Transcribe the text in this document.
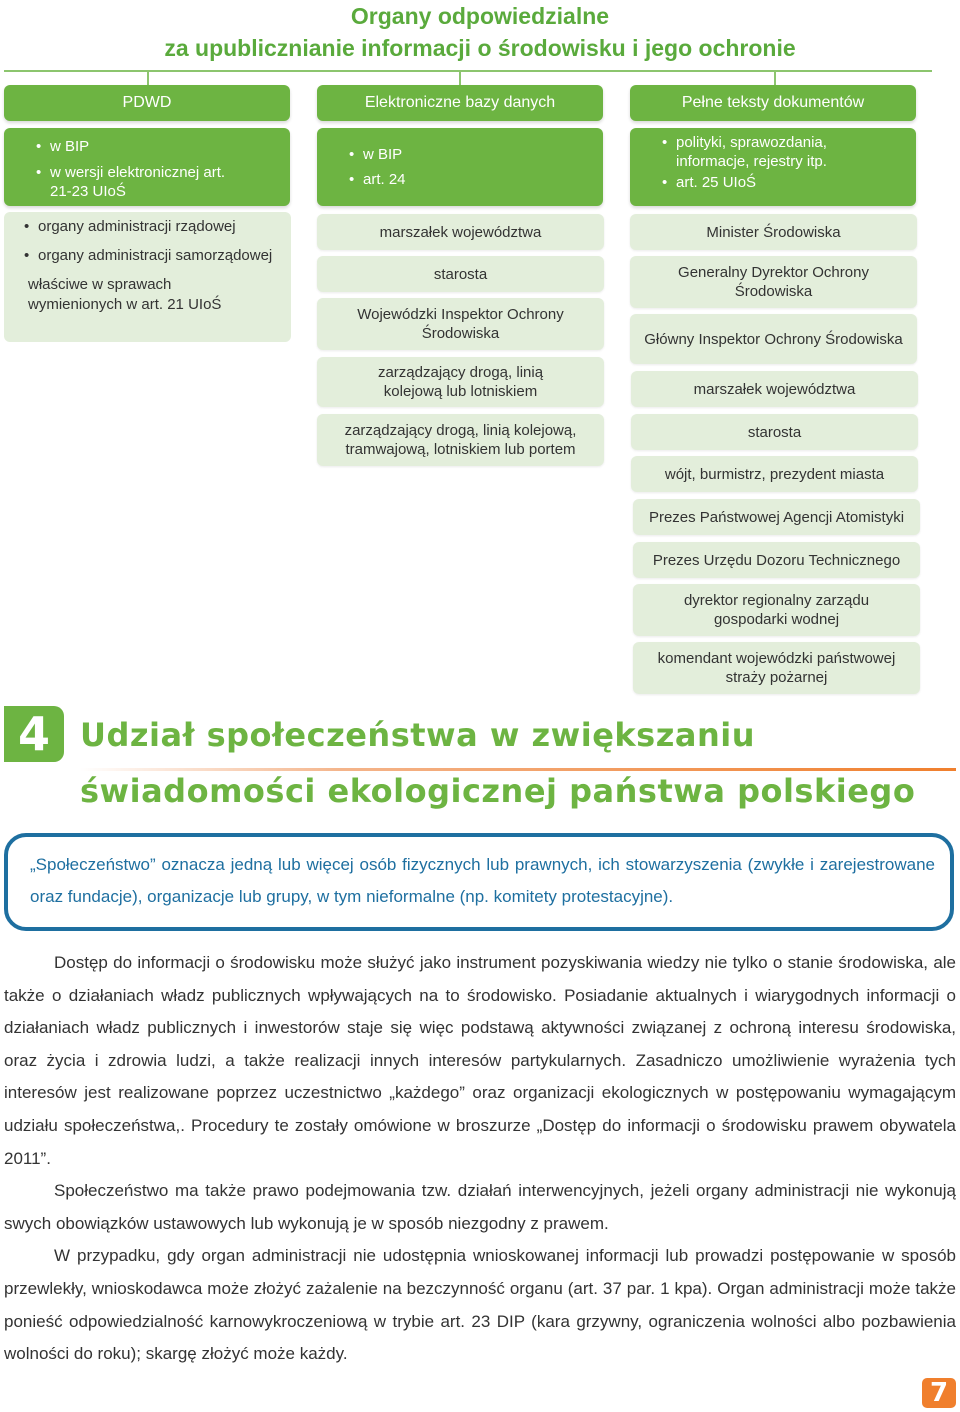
Organy odpowiedzialne
za upublicznianie informacji o środowisku i jego ochronie
PDWD	Elektroniczne bazy danych	Pełne teksty dokumentów
• w BIP
• w wersji elektronicznej art. 21-23 UIoŚ
• w BIP
• art. 24
• polityki, sprawozdania, informacje, rejestry itp.
• art. 25 UIoŚ
• organy administracji rządowej
• organy administracji samorządowej
właściwe w sprawach wymienionych w art. 21 UIoŚ
marszałek województwa
starosta
Wojewódzki Inspektor Ochrony Środowiska
zarządzający drogą, linią kolejową lub lotniskiem
zarządzający drogą, linią kolejową, tramwajową, lotniskiem lub portem
Minister Środowiska
Generalny Dyrektor Ochrony Środowiska
Główny Inspektor Ochrony Środowiska
marszałek województwa
starosta
wójt, burmistrz, prezydent miasta
Prezes Państwowej Agencji Atomistyki
Prezes Urzędu Dozoru Technicznego
dyrektor regionalny zarządu gospodarki wodnej
komendant wojewódzki państwowej straży pożarnej
4 Udział społeczeństwa w zwiększaniu
świadomości ekologicznej państwa polskiego
„Społeczeństwo” oznacza jedną lub więcej osób fizycznych lub prawnych, ich stowarzyszenia (zwykłe i zarejestrowane oraz fundacje), organizacje lub grupy, w tym nieformalne (np. komitety protestacyjne).

Dostęp do informacji o środowisku może służyć jako instrument pozyskiwania wiedzy nie tylko o stanie środowiska, ale także o działaniach władz publicznych wpływających na to środowisko. Posiadanie aktualnych i wiarygodnych informacji o działaniach władz publicznych i inwestorów staje się więc podstawą aktywności związanej z ochroną interesu środowiska, oraz życia i zdrowia ludzi, a także realizacji innych interesów partykularnych. Zasadniczo umożliwienie wyrażenia tych interesów jest realizowane poprzez uczestnictwo „każdego” oraz organizacji ekologicznych w postępowaniu wymagającym udziału społeczeństwa,. Procedury te zostały omówione w broszurze „Dostęp do informacji o środowisku prawem obywatela 2011”.

Społeczeństwo ma także prawo podejmowania tzw. działań interwencyjnych, jeżeli organy administracji nie wykonują swych obowiązków ustawowych lub wykonują je w sposób niezgodny z prawem.

W przypadku, gdy organ administracji nie udostępnia wnioskowanej informacji lub prowadzi postępowanie w sposób przewlekły, wnioskodawca może złożyć zażalenie na bezczynność organu (art. 37 par. 1 kpa). Organ administracji może także ponieść odpowiedzialność karnowykroczeniową w trybie art. 23 DIP (kara grzywny, ograniczenia wolności albo pozbawienia wolności do roku); skargę złożyć może każdy.

7
